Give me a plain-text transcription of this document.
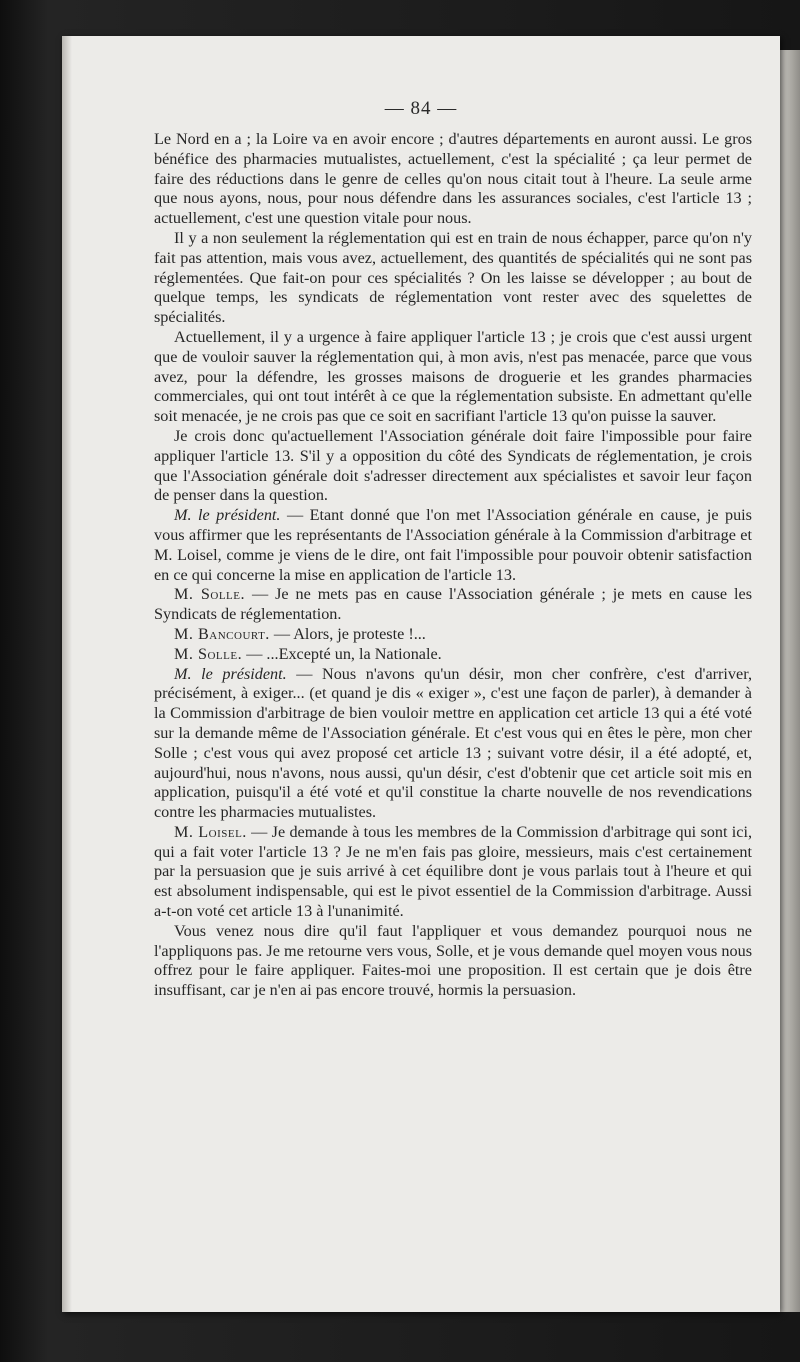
— 84 —

Le Nord en a ; la Loire va en avoir encore ; d'autres départements en auront aussi. Le gros bénéfice des pharmacies mutualistes, actuellement, c'est la spécialité ; ça leur permet de faire des réductions dans le genre de celles qu'on nous citait tout à l'heure. La seule arme que nous ayons, nous, pour nous défendre dans les assurances sociales, c'est l'article 13 ; actuellement, c'est une question vitale pour nous.

Il y a non seulement la réglementation qui est en train de nous échapper, parce qu'on n'y fait pas attention, mais vous avez, actuellement, des quantités de spécialités qui ne sont pas réglementées. Que fait-on pour ces spécialités ? On les laisse se développer ; au bout de quelque temps, les syndicats de réglementation vont rester avec des squelettes de spécialités.

Actuellement, il y a urgence à faire appliquer l'article 13 ; je crois que c'est aussi urgent que de vouloir sauver la réglementation qui, à mon avis, n'est pas menacée, parce que vous avez, pour la défendre, les grosses maisons de droguerie et les grandes pharmacies commerciales, qui ont tout intérêt à ce que la réglementation subsiste. En admettant qu'elle soit menacée, je ne crois pas que ce soit en sacrifiant l'article 13 qu'on puisse la sauver.

Je crois donc qu'actuellement l'Association générale doit faire l'impossible pour faire appliquer l'article 13. S'il y a opposition du côté des Syndicats de réglementation, je crois que l'Association générale doit s'adresser directement aux spécialistes et savoir leur façon de penser dans la question.

M. le président. — Etant donné que l'on met l'Association générale en cause, je puis vous affirmer que les représentants de l'Association générale à la Commission d'arbitrage et M. Loisel, comme je viens de le dire, ont fait l'impossible pour pouvoir obtenir satisfaction en ce qui concerne la mise en application de l'article 13.

M. Solle. — Je ne mets pas en cause l'Association générale ; je mets en cause les Syndicats de réglementation.

M. Bancourt. — Alors, je proteste !...

M. Solle. — ...Excepté un, la Nationale.

M. le président. — Nous n'avons qu'un désir, mon cher confrère, c'est d'arriver, précisément, à exiger... (et quand je dis « exiger », c'est une façon de parler), à demander à la Commission d'arbitrage de bien vouloir mettre en application cet article 13 qui a été voté sur la demande même de l'Association générale. Et c'est vous qui en êtes le père, mon cher Solle ; c'est vous qui avez proposé cet article 13 ; suivant votre désir, il a été adopté, et, aujourd'hui, nous n'avons, nous aussi, qu'un désir, c'est d'obtenir que cet article soit mis en application, puisqu'il a été voté et qu'il constitue la charte nouvelle de nos revendications contre les pharmacies mutualistes.

M. Loisel. — Je demande à tous les membres de la Commission d'arbitrage qui sont ici, qui a fait voter l'article 13 ? Je ne m'en fais pas gloire, messieurs, mais c'est certainement par la persuasion que je suis arrivé à cet équilibre dont je vous parlais tout à l'heure et qui est absolument indispensable, qui est le pivot essentiel de la Commission d'arbitrage. Aussi a-t-on voté cet article 13 à l'unanimité.

Vous venez nous dire qu'il faut l'appliquer et vous demandez pourquoi nous ne l'appliquons pas. Je me retourne vers vous, Solle, et je vous demande quel moyen vous nous offrez pour le faire appliquer. Faites-moi une proposition. Il est certain que je dois être insuffisant, car je n'en ai pas encore trouvé, hormis la persuasion.
